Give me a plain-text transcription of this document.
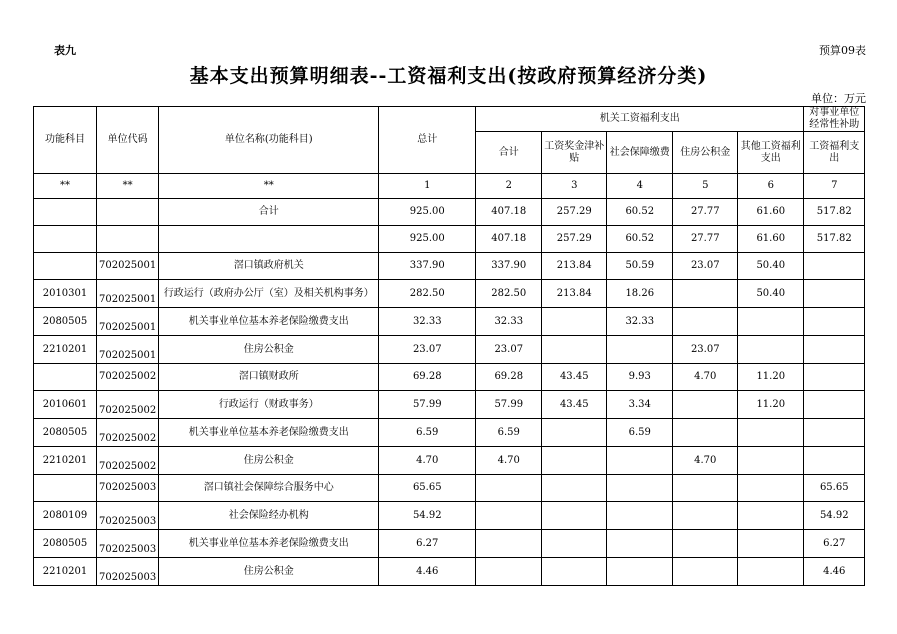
表九	预算09表
基本支出预算明细表--工资福利支出(按政府预算经济分类)
单位：万元
功能科目	单位代码	单位名称(功能科目)	总计	机关工资福利支出					对事业单位经常性补助
				合计	工资奖金津补贴	社会保障缴费	住房公积金	其他工资福利支出	工资福利支出
**	**	**	1	2	3	4	5	6	7
		合计	925.00	407.18	257.29	60.52	27.77	61.60	517.82
			925.00	407.18	257.29	60.52	27.77	61.60	517.82
	702025001	滘口镇政府机关	337.90	337.90	213.84	50.59	23.07	50.40	
2010301	702025001	行政运行（政府办公厅（室）及相关机构事务）	282.50	282.50	213.84	18.26		50.40	
2080505	702025001	机关事业单位基本养老保险缴费支出	32.33	32.33		32.33			
2210201	702025001	住房公积金	23.07	23.07			23.07		
	702025002	滘口镇财政所	69.28	69.28	43.45	9.93	4.70	11.20	
2010601	702025002	行政运行（财政事务）	57.99	57.99	43.45	3.34		11.20	
2080505	702025002	机关事业单位基本养老保险缴费支出	6.59	6.59		6.59			
2210201	702025002	住房公积金	4.70	4.70			4.70		
	702025003	滘口镇社会保障综合服务中心	65.65						65.65
2080109	702025003	社会保险经办机构	54.92						54.92
2080505	702025003	机关事业单位基本养老保险缴费支出	6.27						6.27
2210201	702025003	住房公积金	4.46						4.46
